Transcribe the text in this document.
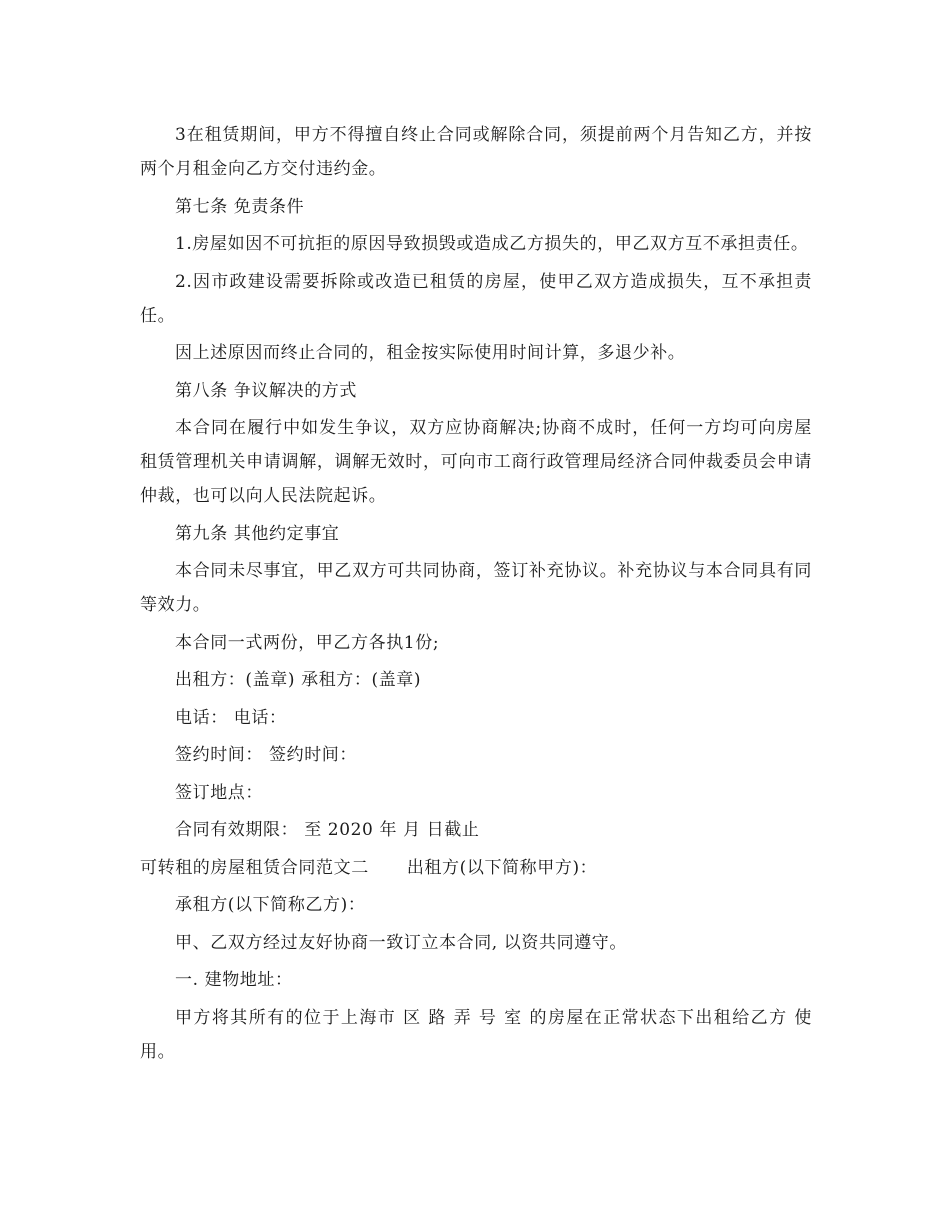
3在租赁期间，甲方不得擅自终止合同或解除合同，须提前两个月告知乙方，并按两个月租金向乙方交付违约金。

第七条 免责条件

1.房屋如因不可抗拒的原因导致损毁或造成乙方损失的，甲乙双方互不承担责任。

2.因市政建设需要拆除或改造已租赁的房屋，使甲乙双方造成损失，互不承担责任。

因上述原因而终止合同的，租金按实际使用时间计算，多退少补。

第八条 争议解决的方式

本合同在履行中如发生争议，双方应协商解决;协商不成时，任何一方均可向房屋租赁管理机关申请调解，调解无效时，可向市工商行政管理局经济合同仲裁委员会申请仲裁，也可以向人民法院起诉。

第九条 其他约定事宜

本合同未尽事宜，甲乙双方可共同协商，签订补充协议。补充协议与本合同具有同等效力。

本合同一式两份，甲乙方各执1份;

出租方：(盖章) 承租方：(盖章)

电话： 电话：

签约时间： 签约时间：

签订地点：

合同有效期限： 至 2020 年 月 日截止

可转租的房屋租赁合同范文二 出租方(以下简称甲方)：

承租方(以下简称乙方)：

甲、乙双方经过友好协商一致订立本合同, 以资共同遵守。

一. 建物地址：

甲方将其所有的位于上海市 区 路 弄 号 室 的房屋在正常状态下出租给乙方 使用。
